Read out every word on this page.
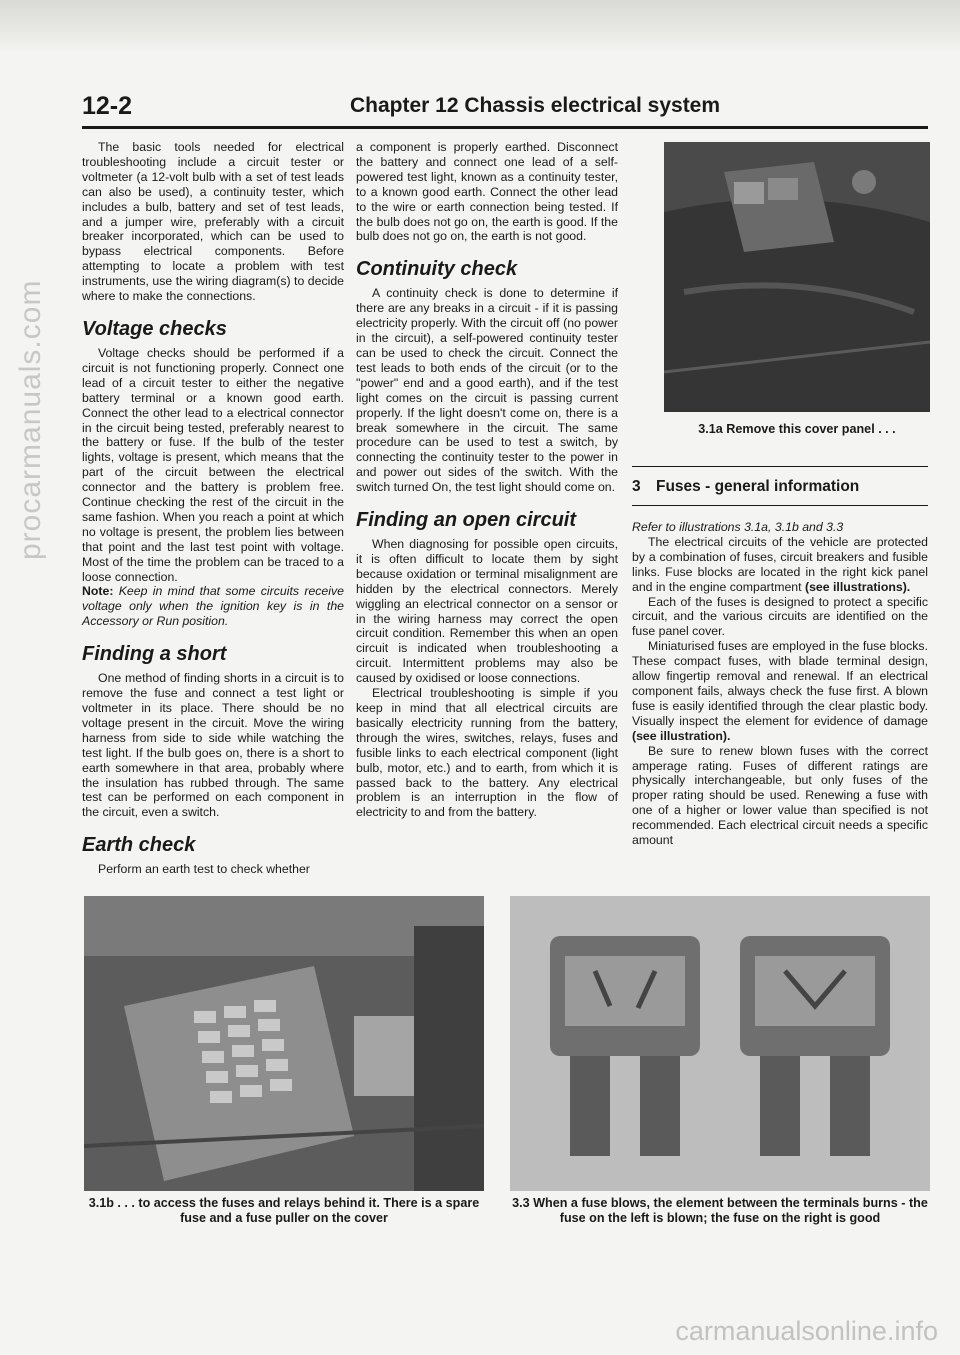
procarmanuals.com
carmanualsonline.info
12-2	Chapter 12 Chassis electrical system

The basic tools needed for electrical troubleshooting include a circuit tester or voltmeter (a 12-volt bulb with a set of test leads can also be used), a continuity tester, which includes a bulb, battery and set of test leads, and a jumper wire, preferably with a circuit breaker incorporated, which can be used to bypass electrical components. Before attempting to locate a problem with test instruments, use the wiring diagram(s) to decide where to make the connections.

Voltage checks

Voltage checks should be performed if a circuit is not functioning properly. Connect one lead of a circuit tester to either the negative battery terminal or a known good earth. Connect the other lead to a electrical connector in the circuit being tested, preferably nearest to the battery or fuse. If the bulb of the tester lights, voltage is present, which means that the part of the circuit between the electrical connector and the battery is problem free. Continue checking the rest of the circuit in the same fashion. When you reach a point at which no voltage is present, the problem lies between that point and the last test point with voltage. Most of the time the problem can be traced to a loose connection.

Note: Keep in mind that some circuits receive voltage only when the ignition key is in the Accessory or Run position.

Finding a short

One method of finding shorts in a circuit is to remove the fuse and connect a test light or voltmeter in its place. There should be no voltage present in the circuit. Move the wiring harness from side to side while watching the test light. If the bulb goes on, there is a short to earth somewhere in that area, probably where the insulation has rubbed through. The same test can be performed on each component in the circuit, even a switch.

Earth check

Perform an earth test to check whether

a component is properly earthed. Disconnect the battery and connect one lead of a self-powered test light, known as a continuity tester, to a known good earth. Connect the other lead to the wire or earth connection being tested. If the bulb does not go on, the earth is good. If the bulb does not go on, the earth is not good.

Continuity check

A continuity check is done to determine if there are any breaks in a circuit - if it is passing electricity properly. With the circuit off (no power in the circuit), a self-powered continuity tester can be used to check the circuit. Connect the test leads to both ends of the circuit (or to the "power" end and a good earth), and if the test light comes on the circuit is passing current properly. If the light doesn't come on, there is a break somewhere in the circuit. The same procedure can be used to test a switch, by connecting the continuity tester to the power in and power out sides of the switch. With the switch turned On, the test light should come on.

Finding an open circuit

When diagnosing for possible open circuits, it is often difficult to locate them by sight because oxidation or terminal misalignment are hidden by the electrical connectors. Merely wiggling an electrical connector on a sensor or in the wiring harness may correct the open circuit condition. Remember this when an open circuit is indicated when troubleshooting a circuit. Intermittent problems may also be caused by oxidised or loose connections.

Electrical troubleshooting is simple if you keep in mind that all electrical circuits are basically electricity running from the battery, through the wires, switches, relays, fuses and fusible links to each electrical component (light bulb, motor, etc.) and to earth, from which it is passed back to the battery. Any electrical problem is an interruption in the flow of electricity to and from the battery.

3.1a Remove this cover panel . . .
3 Fuses - general information

Refer to illustrations 3.1a, 3.1b and 3.3

The electrical circuits of the vehicle are protected by a combination of fuses, circuit breakers and fusible links. Fuse blocks are located in the right kick panel and in the engine compartment (see illustrations).

Each of the fuses is designed to protect a specific circuit, and the various circuits are identified on the fuse panel cover.

Miniaturised fuses are employed in the fuse blocks. These compact fuses, with blade terminal design, allow fingertip removal and renewal. If an electrical component fails, always check the fuse first. A blown fuse is easily identified through the clear plastic body. Visually inspect the element for evidence of damage (see illustration).

Be sure to renew blown fuses with the correct amperage rating. Fuses of different ratings are physically interchangeable, but only fuses of the proper rating should be used. Renewing a fuse with one of a higher or lower value than specified is not recommended. Each electrical circuit needs a specific amount

3.1b . . . to access the fuses and relays behind it. There is a spare fuse and a fuse puller on the cover
3.3 When a fuse blows, the element between the terminals burns - the fuse on the left is blown; the fuse on the right is good
